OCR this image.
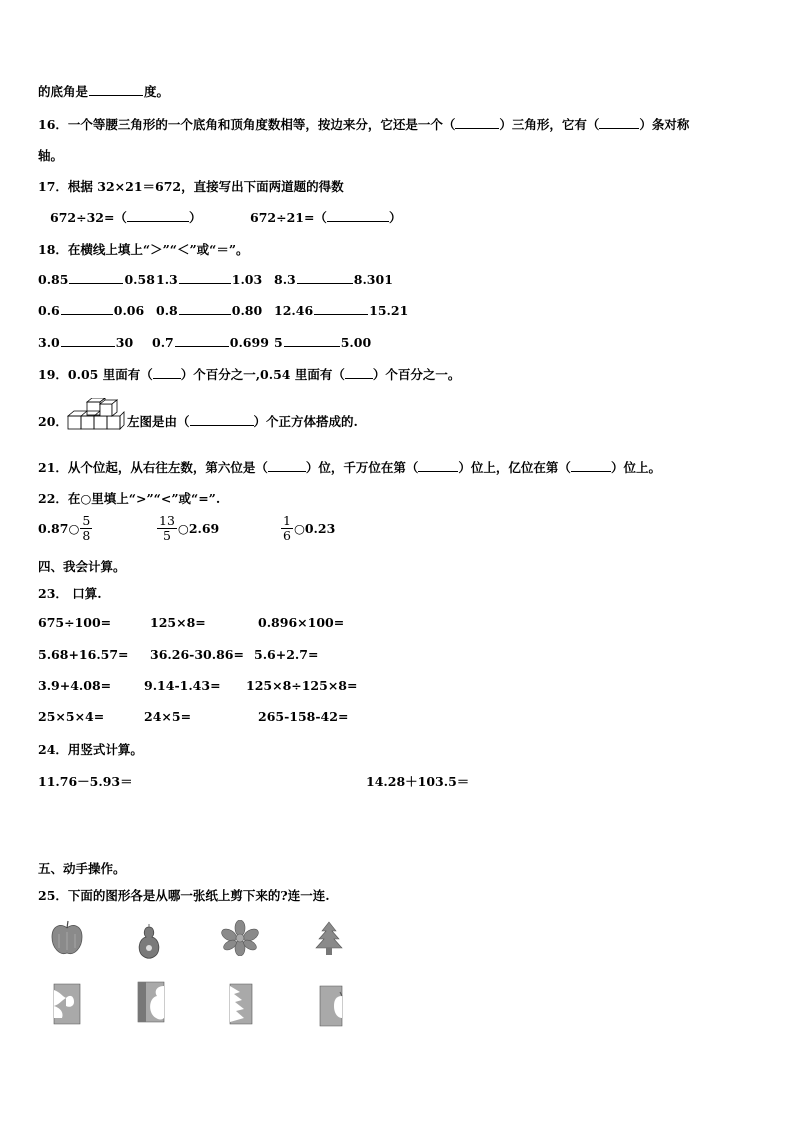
的底角是	度。
16．一个等腰三角形的一个底角和顶角度数相等，按边来分，它还是一个（	）三角形，它有（	）条对称
轴。
17．根据 32×21＝672，直接写出下面两道题的得数
672÷32=（	）	672÷21=（	）
18．在横线上填上“＞”“＜”或“＝”。
0.85	0.58 1.3	1.03 8.3	8.301
0.6	0.06 0.8	0.80 12.46	15.21
3.0	30 0.7	0.699 5	5.00
19．0.05 里面有（ ）个百分之一,0.54 里面有（ ）个百分之一。
20．	左图是由（	）个正方体搭成的.
21．从个位起，从右往左数，第六位是（	）位，千万位在第（	）位上，亿位在第（	）位上。
22．在○里填上“>”“<”或“=”.
0.87○ $\frac{5}{8}$	$\frac{13}{5}$ ○2.69	$\frac{1}{6}$ ○0.23
四、我会计算。
23． 口算.
675÷100=	125×8=	0.896×100=
5.68+16.57= 36.26-30.86= 5.6+2.7=
3.9+4.08=	9.14-1.43= 125×8÷125×8=
25×5×4=	24×5=	265-158-42=
24．用竖式计算。
11.76－5.93＝	14.28＋103.5＝
五、动手操作。
25．下面的图形各是从哪一张纸上剪下来的?连一连.
